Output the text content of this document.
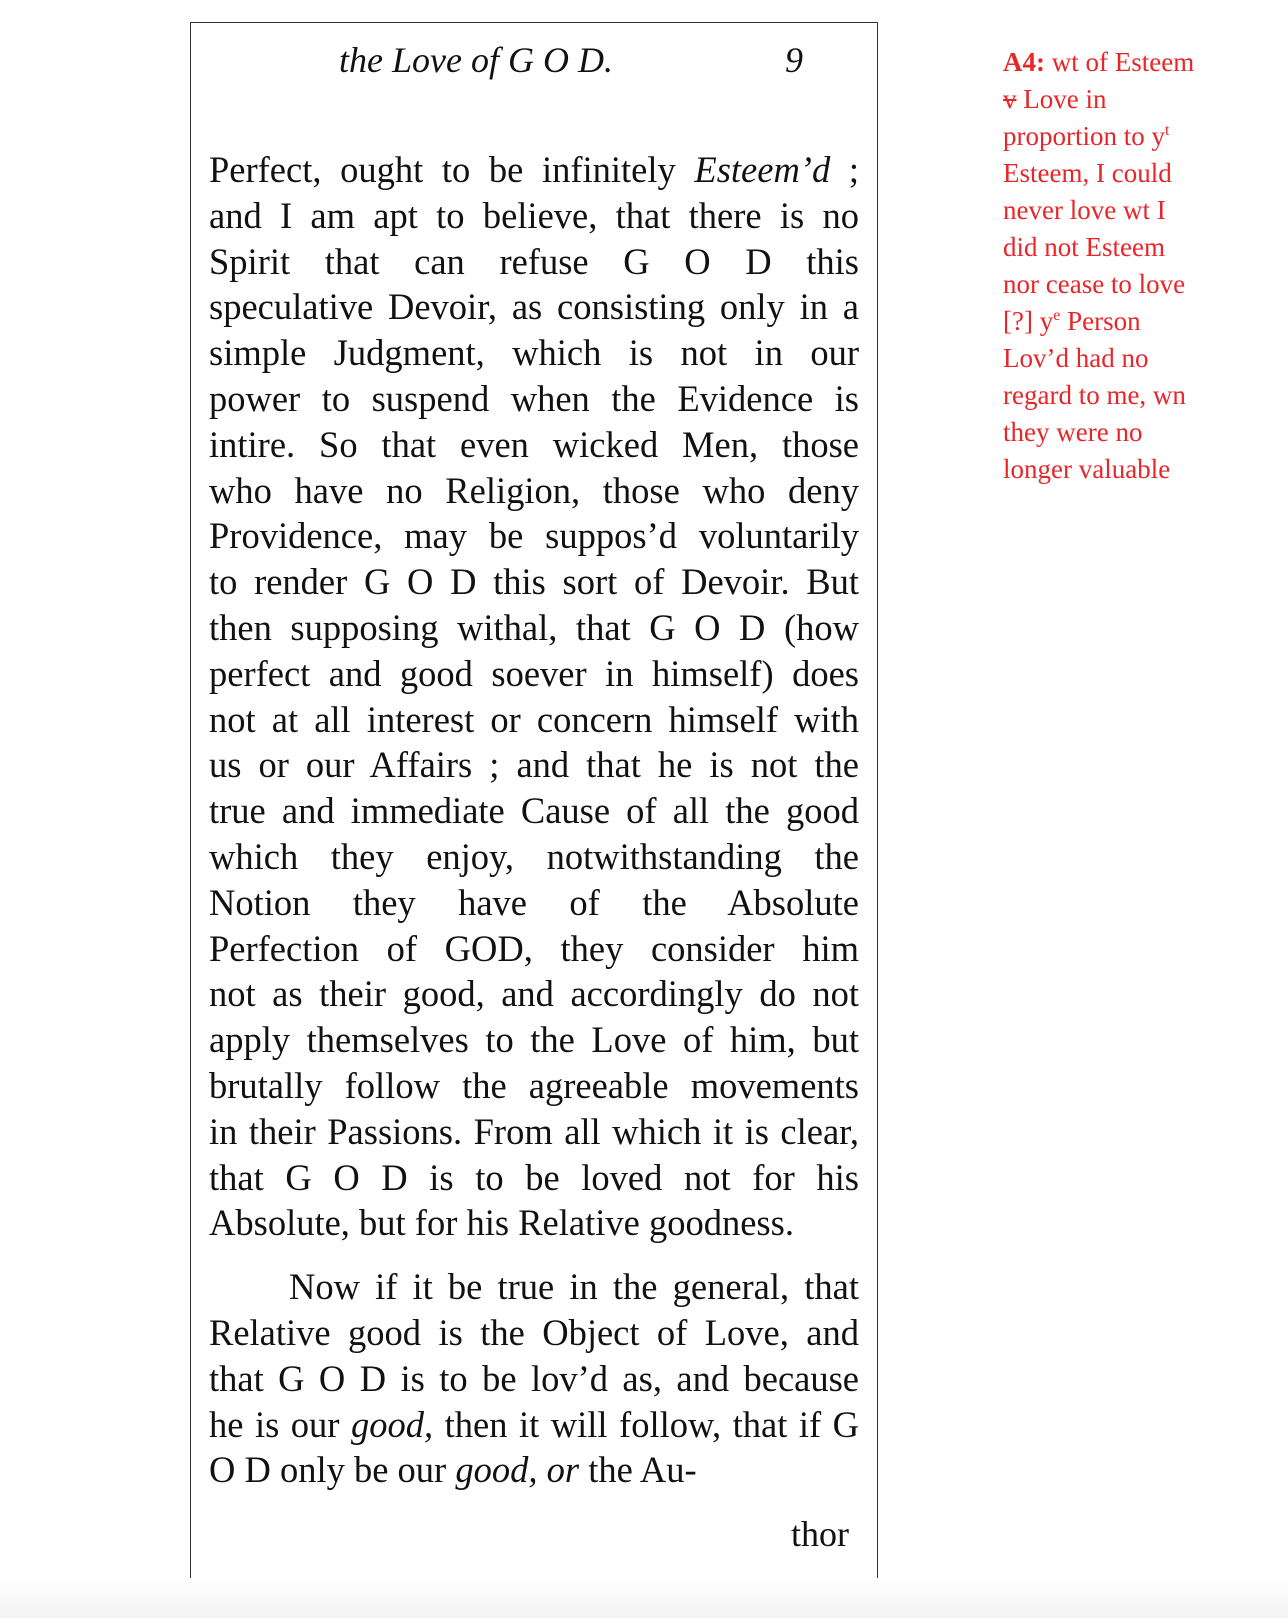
the Love of G O D.	9
Perfect, ought to be infinitely Esteem’d ;
and I am apt to believe, that there is no
Spirit that can refuse G O D this
speculative Devoir, as consisting only in a
simple Judgment, which is not in our
power to suspend when the Evidence is
intire. So that even wicked Men, those
who have no Religion, those who deny
Providence, may be suppos’d voluntarily
to render G O D this sort of Devoir. But
then supposing withal, that G O D (how
perfect and good soever in himself) does
not at all interest or concern himself with
us or our Affairs ; and that he is not the
true and immediate Cause of all the good
which they enjoy, notwithstanding the
Notion they have of the Absolute
Perfection of GOD, they consider him
not as their good, and accordingly do not
apply themselves to the Love of him, but
brutally follow the agreeable movements
in their Passions. From all which it is clear,
that G O D is to be loved not for his
Absolute, but for his Relative goodness.
Now if it be true in the general, that
Relative good is the Object of Love, and
that G O D is to be lov’d as, and because
he is our good, then it will follow, that if G
O D only be our good, or the Au-
thor
A4: wt of Esteem
v Love in
proportion to $y^t$
Esteem, I could
never love wt I
did not Esteem
nor cease to love
[?] $y^e$ Person
Lov’d had no
regard to me, wn
they were no
longer valuable
